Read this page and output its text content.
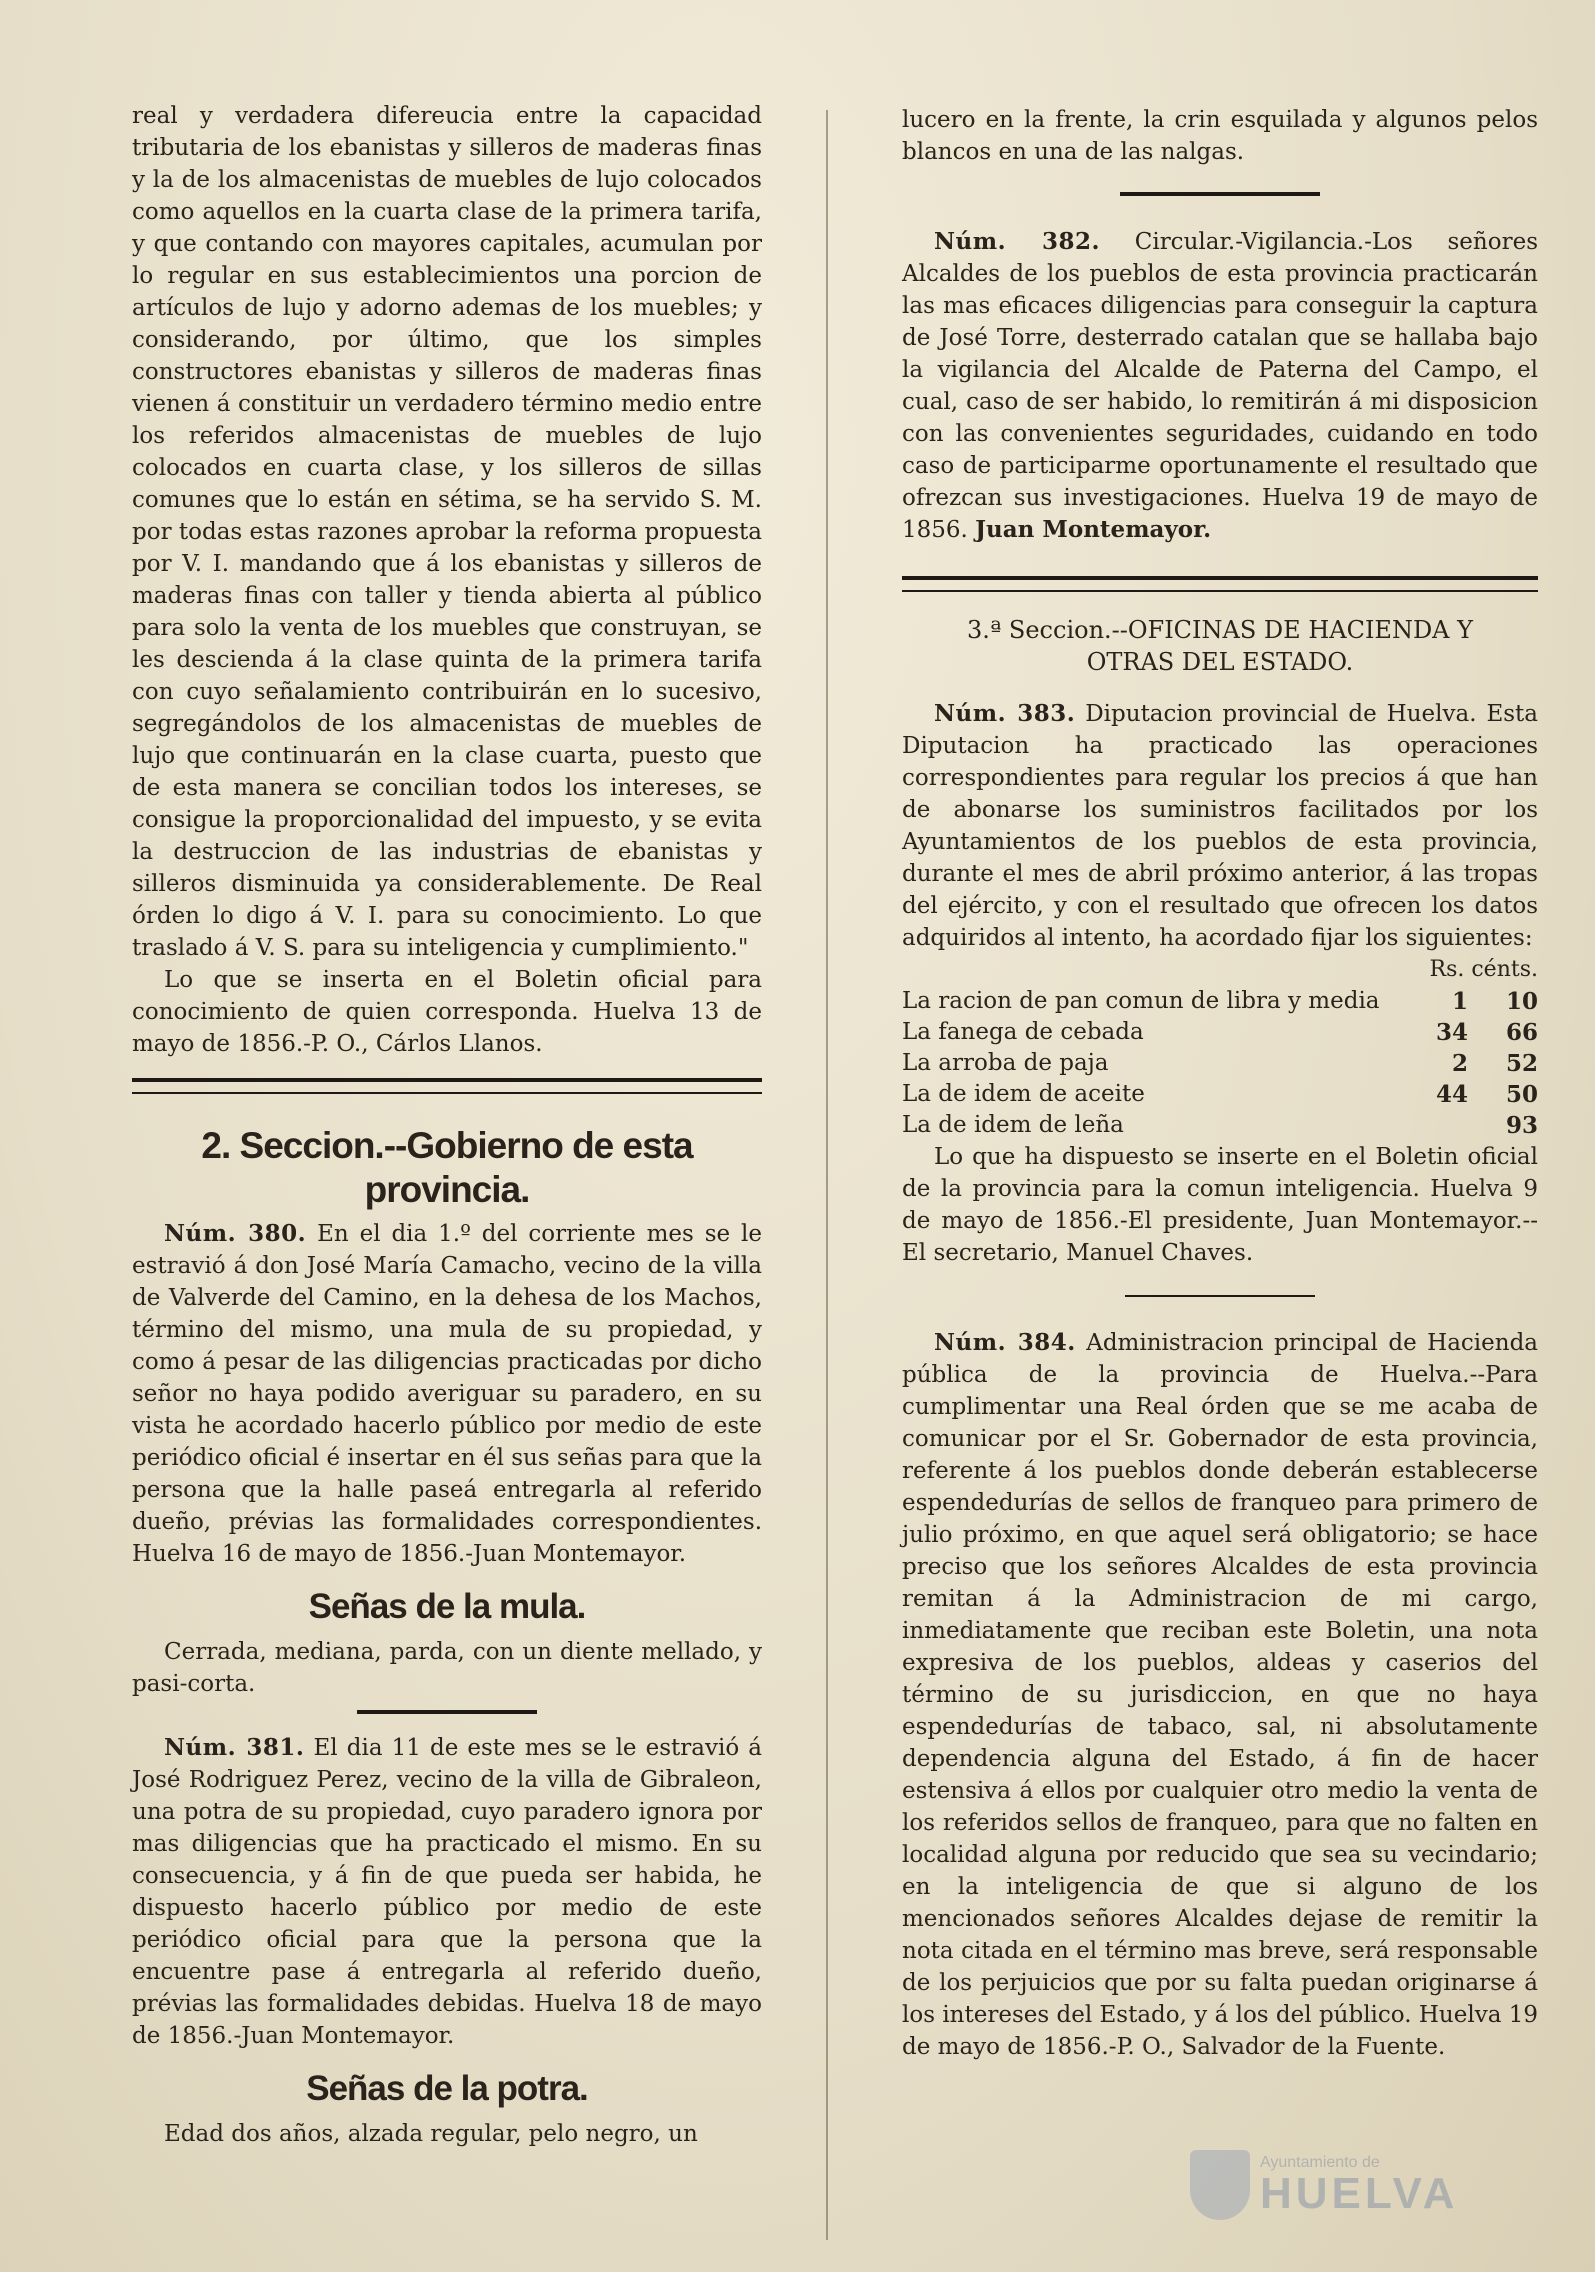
real y verdadera difereucia entre la capacidad tributaria de los ebanistas y silleros de maderas finas y la de los almacenistas de muebles de lujo colocados como aquellos en la cuarta clase de la primera tarifa, y que contando con mayores capitales, acumulan por lo regular en sus establecimientos una porcion de artículos de lujo y adorno ademas de los muebles; y considerando, por último, que los simples constructores ebanistas y silleros de maderas finas vienen á constituir un verdadero término medio entre los referidos almacenistas de muebles de lujo colocados en cuarta clase, y los silleros de sillas comunes que lo están en sétima, se ha servido S. M. por todas estas razones aprobar la reforma propuesta por V. I. mandando que á los ebanistas y silleros de maderas finas con taller y tienda abierta al público para solo la venta de los muebles que construyan, se les descienda á la clase quinta de la primera tarifa con cuyo señalamiento contribuirán en lo sucesivo, segregándolos de los almacenistas de muebles de lujo que continuarán en la clase cuarta, puesto que de esta manera se concilian todos los intereses, se consigue la proporcionalidad del impuesto, y se evita la destruccion de las industrias de ebanistas y silleros disminuida ya considerablemente. De Real órden lo digo á V. I. para su conocimiento. Lo que traslado á V. S. para su inteligencia y cumplimiento."

Lo que se inserta en el Boletin oficial para conocimiento de quien corresponda. Huelva 13 de mayo de 1856.-P. O., Cárlos Llanos.

2. Seccion.--Gobierno de esta provincia.

Núm. 380. En el dia 1.º del corriente mes se le estravió á don José María Camacho, vecino de la villa de Valverde del Camino, en la dehesa de los Machos, término del mismo, una mula de su propiedad, y como á pesar de las diligencias practicadas por dicho señor no haya podido averiguar su paradero, en su vista he acordado hacerlo público por medio de este periódico oficial é insertar en él sus señas para que la persona que la halle paseá entregarla al referido dueño, prévias las formalidades correspondientes. Huelva 16 de mayo de 1856.-Juan Montemayor.

Señas de la mula.

Cerrada, mediana, parda, con un diente mellado, y pasi-corta.

Núm. 381. El dia 11 de este mes se le estravió á José Rodriguez Perez, vecino de la villa de Gibraleon, una potra de su propiedad, cuyo paradero ignora por mas diligencias que ha practicado el mismo. En su consecuencia, y á fin de que pueda ser habida, he dispuesto hacerlo público por medio de este periódico oficial para que la persona que la encuentre pase á entregarla al referido dueño, prévias las formalidades debidas. Huelva 18 de mayo de 1856.-Juan Montemayor.

Señas de la potra.

Edad dos años, alzada regular, pelo negro, un

lucero en la frente, la crin esquilada y algunos pelos blancos en una de las nalgas.

Núm. 382. Circular.-Vigilancia.-Los señores Alcaldes de los pueblos de esta provincia practicarán las mas eficaces diligencias para conseguir la captura de José Torre, desterrado catalan que se hallaba bajo la vigilancia del Alcalde de Paterna del Campo, el cual, caso de ser habido, lo remitirán á mi disposicion con las convenientes seguridades, cuidando en todo caso de participarme oportunamente el resultado que ofrezcan sus investigaciones. Huelva 19 de mayo de 1856. Juan Montemayor.

3.ª Seccion.--OFICINAS DE HACIENDA Y
OTRAS DEL ESTADO.

Núm. 383. Diputacion provincial de Huelva. Esta Diputacion ha practicado las operaciones correspondientes para regular los precios á que han de abonarse los suministros facilitados por los Ayuntamientos de los pueblos de esta provincia, durante el mes de abril próximo anterior, á las tropas del ejército, y con el resultado que ofrecen los datos adquiridos al intento, ha acordado fijar los siguientes:

Rs. cénts.
La racion de pan comun de libra y media	1	10
La fanega de cebada	34	66
La arroba de paja	2	52
La de idem de aceite	44	50
La de idem de leña		93

Lo que ha dispuesto se inserte en el Boletin oficial de la provincia para la comun inteligencia. Huelva 9 de mayo de 1856.-El presidente, Juan Montemayor.--El secretario, Manuel Chaves.

Núm. 384. Administracion principal de Hacienda pública de la provincia de Huelva.--Para cumplimentar una Real órden que se me acaba de comunicar por el Sr. Gobernador de esta provincia, referente á los pueblos donde deberán establecerse espendedurías de sellos de franqueo para primero de julio próximo, en que aquel será obligatorio; se hace preciso que los señores Alcaldes de esta provincia remitan á la Administracion de mi cargo, inmediatamente que reciban este Boletin, una nota expresiva de los pueblos, aldeas y caserios del término de su jurisdiccion, en que no haya espendedurías de tabaco, sal, ni absolutamente dependencia alguna del Estado, á fin de hacer estensiva á ellos por cualquier otro medio la venta de los referidos sellos de franqueo, para que no falten en localidad alguna por reducido que sea su vecindario; en la inteligencia de que si alguno de los mencionados señores Alcaldes dejase de remitir la nota citada en el término mas breve, será responsable de los perjuicios que por su falta puedan originarse á los intereses del Estado, y á los del público. Huelva 19 de mayo de 1856.-P. O., Salvador de la Fuente.

Ayuntamiento de
HUELVA
